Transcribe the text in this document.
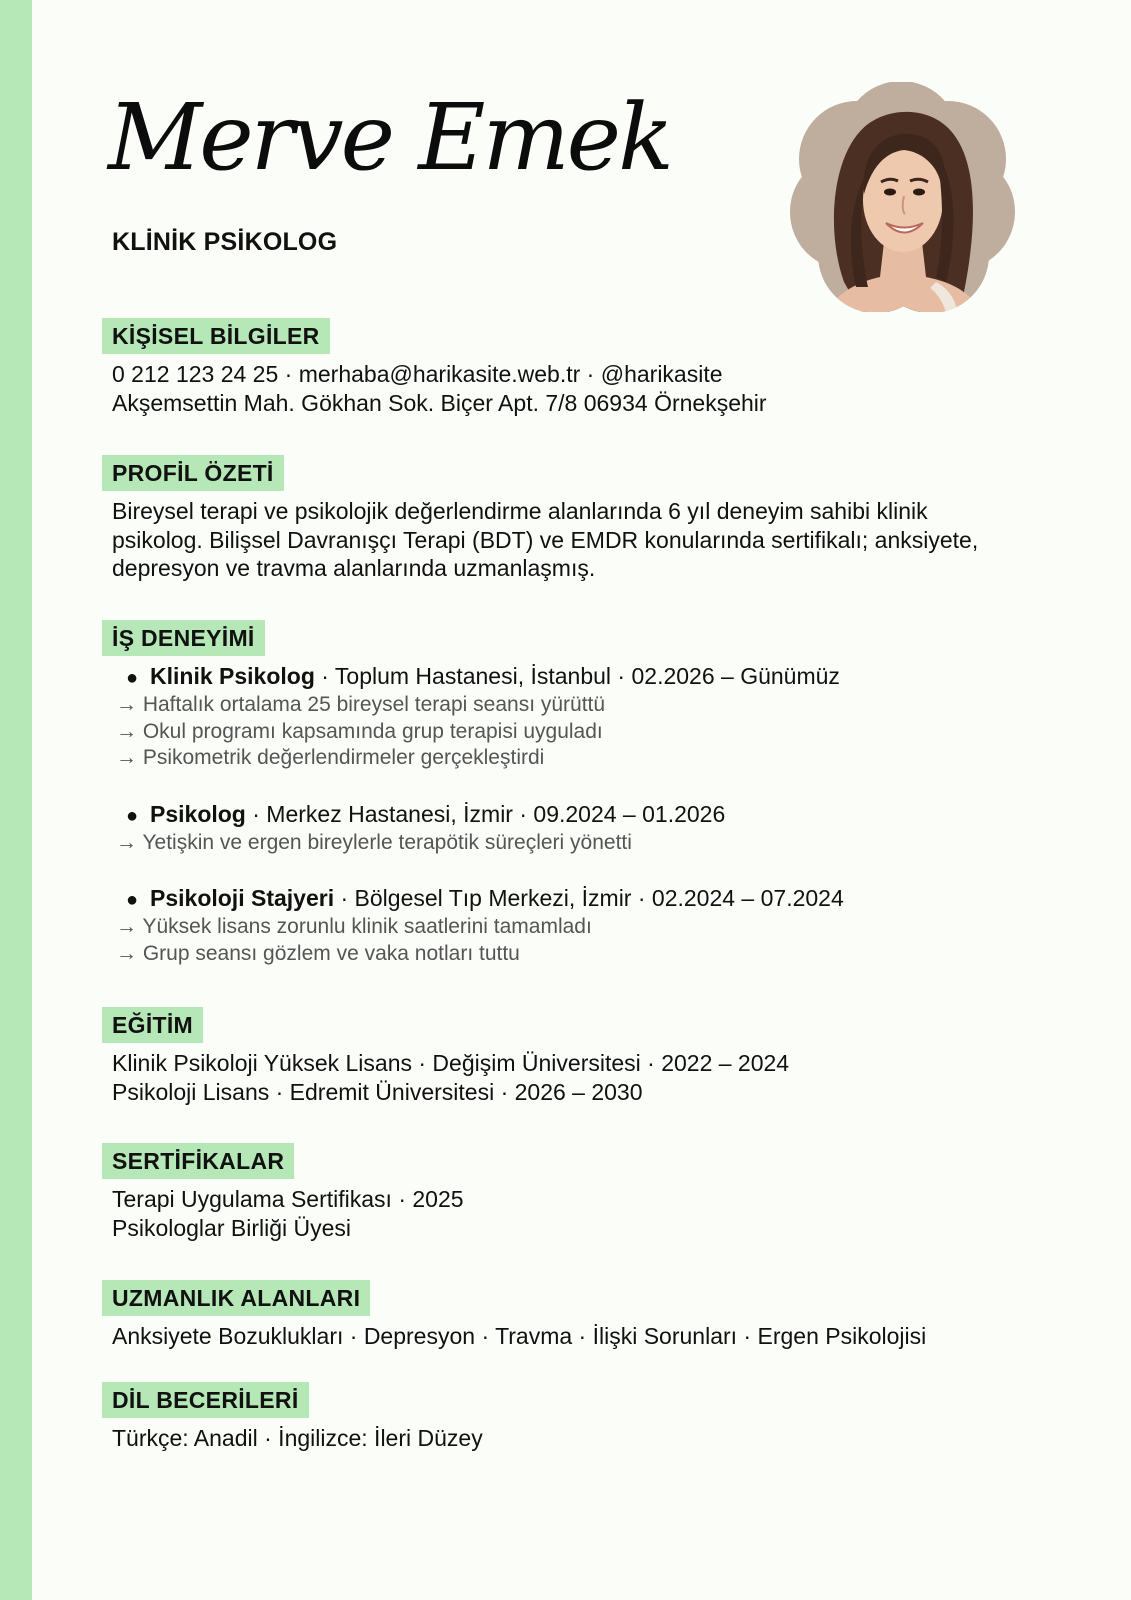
Merve Emek
KLİNİK PSİKOLOG
KİŞİSEL BİLGİLER
0 212 123 24 25 · merhaba@harikasite.web.tr · @harikasite
Akşemsettin Mah. Gökhan Sok. Biçer Apt. 7/8 06934 Örnekşehir
PROFİL ÖZETİ
Bireysel terapi ve psikolojik değerlendirme alanlarında 6 yıl deneyim sahibi klinik psikolog. Bilişsel Davranışçı Terapi (BDT) ve EMDR konularında sertifikalı; anksiyete, depresyon ve travma alanlarında uzmanlaşmış.
İŞ DENEYİMİ
● Klinik Psikolog · Toplum Hastanesi, İstanbul · 02.2026 – Günümüz
→ Haftalık ortalama 25 bireysel terapi seansı yürüttü
→ Okul programı kapsamında grup terapisi uyguladı
→ Psikometrik değerlendirmeler gerçekleştirdi
● Psikolog · Merkez Hastanesi, İzmir · 09.2024 – 01.2026
→ Yetişkin ve ergen bireylerle terapötik süreçleri yönetti
● Psikoloji Stajyeri · Bölgesel Tıp Merkezi, İzmir · 02.2024 – 07.2024
→ Yüksek lisans zorunlu klinik saatlerini tamamladı
→ Grup seansı gözlem ve vaka notları tuttu
EĞİTİM
Klinik Psikoloji Yüksek Lisans · Değişim Üniversitesi · 2022 – 2024
Psikoloji Lisans · Edremit Üniversitesi · 2026 – 2030
SERTİFİKALAR
Terapi Uygulama Sertifikası · 2025
Psikologlar Birliği Üyesi
UZMANLIK ALANLARI
Anksiyete Bozuklukları · Depresyon · Travma · İlişki Sorunları · Ergen Psikolojisi
DİL BECERİLERİ
Türkçe: Anadil · İngilizce: İleri Düzey
